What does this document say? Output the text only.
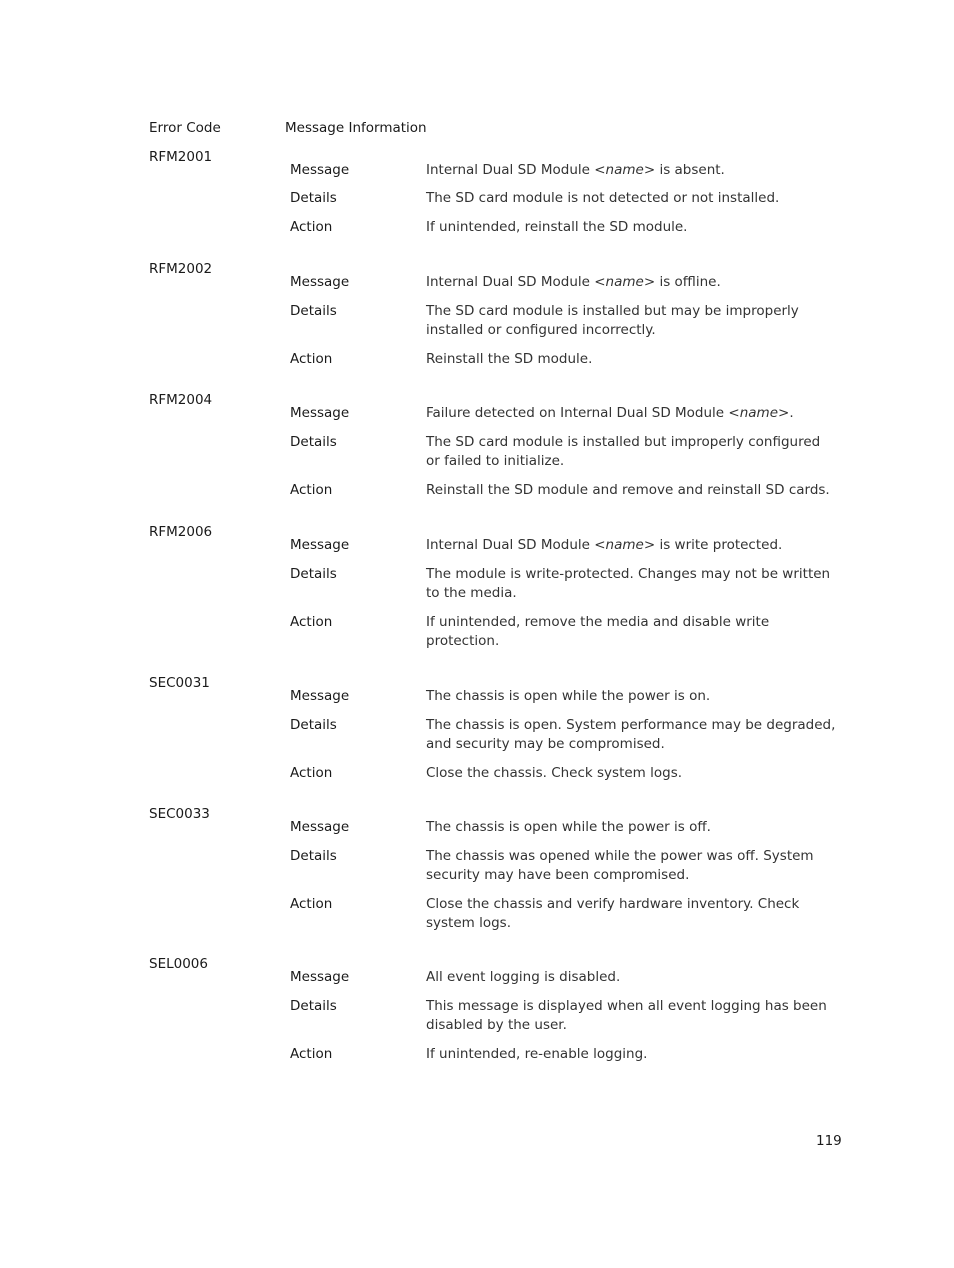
Error Code	Message Information
RFM2001
Message	Internal Dual SD Module <name> is absent.
Details	The SD card module is not detected or not installed.
Action	If unintended, reinstall the SD module.
RFM2002
Message	Internal Dual SD Module <name> is offline.
Details	The SD card module is installed but may be improperly installed or configured incorrectly.
Action	Reinstall the SD module.
RFM2004
Message	Failure detected on Internal Dual SD Module <name>.
Details	The SD card module is installed but improperly configured or failed to initialize.
Action	Reinstall the SD module and remove and reinstall SD cards.
RFM2006
Message	Internal Dual SD Module <name> is write protected.
Details	The module is write-protected. Changes may not be written to the media.
Action	If unintended, remove the media and disable write protection.
SEC0031
Message	The chassis is open while the power is on.
Details	The chassis is open. System performance may be degraded, and security may be compromised.
Action	Close the chassis. Check system logs.
SEC0033
Message	The chassis is open while the power is off.
Details	The chassis was opened while the power was off. System security may have been compromised.
Action	Close the chassis and verify hardware inventory. Check system logs.
SEL0006
Message	All event logging is disabled.
Details	This message is displayed when all event logging has been disabled by the user.
Action	If unintended, re-enable logging.
119
